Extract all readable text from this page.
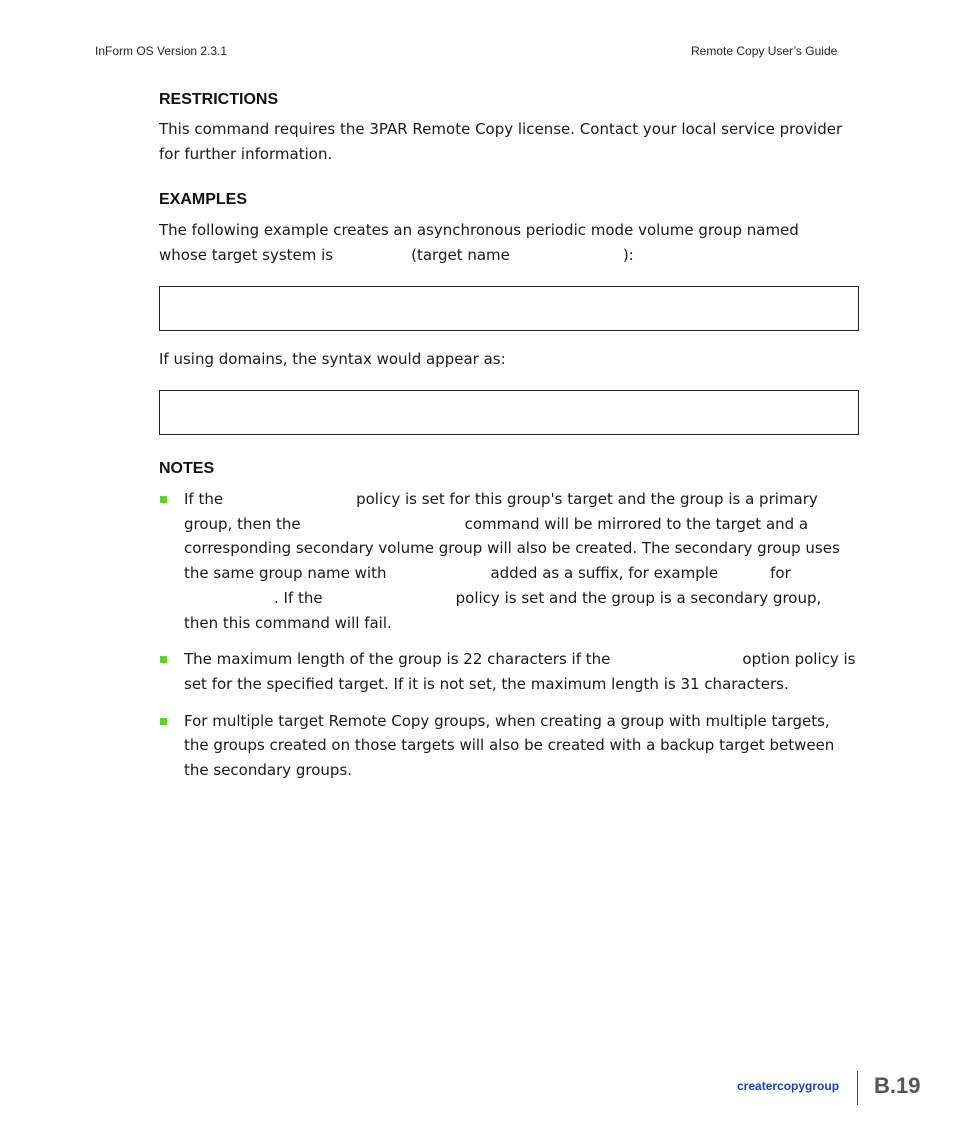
InForm OS Version 2.3.1	Remote Copy User’s Guide
RESTRICTIONS
This command requires the 3PAR Remote Copy license. Contact your local service provider for further information.
EXAMPLES
The following example creates an asynchronous periodic mode volume group named
whose target system is	(target name	):
If using domains, the syntax would appear as:
NOTES
If the	policy is set for this group's target and the group is a primary group, then the	command will be mirrored to the target and a corresponding secondary volume group will also be created. The secondary group uses the same group name with	added as a suffix, for example	for. If the	policy is set and the group is a secondary group, then this command will fail.
The maximum length of the group is 22 characters if the	option policy is set for the specified target. If it is not set, the maximum length is 31 characters.
For multiple target Remote Copy groups, when creating a group with multiple targets, the groups created on those targets will also be created with a backup target between the secondary groups.
creatercopygroup B.19
